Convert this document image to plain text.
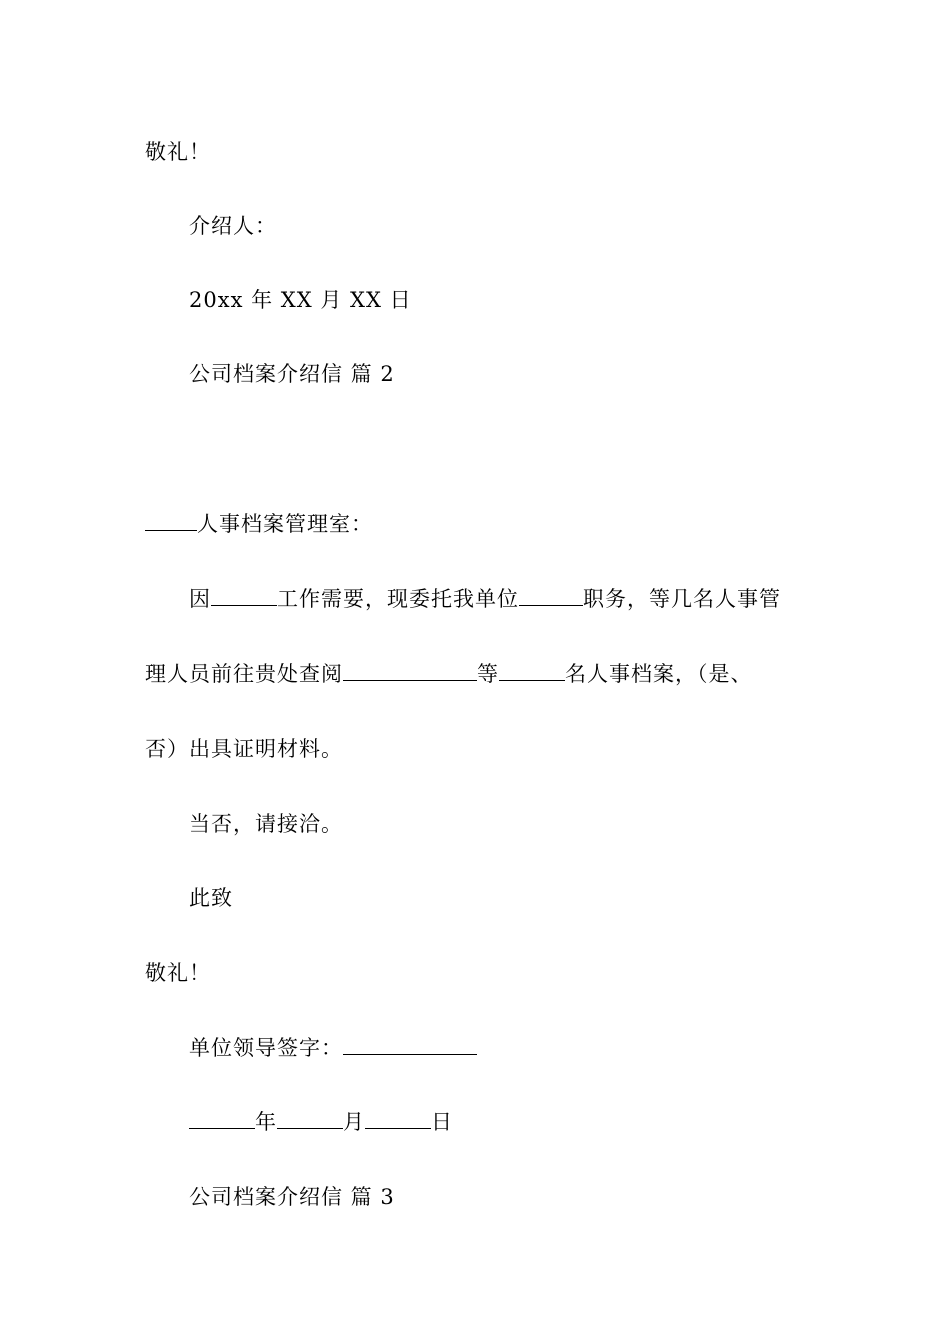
敬礼！
介绍人：
20xx 年 XX 月 XX 日
公司档案介绍信 篇 2
人事档案管理室：
因	工作需要，现委托我单位	职务，等几名人事管
理人员前往贵处查阅	等	名人事档案，（是、
否）出具证明材料。
当否，请接洽。
此致
敬礼！
单位领导签字：
年	月	日
公司档案介绍信 篇 3
